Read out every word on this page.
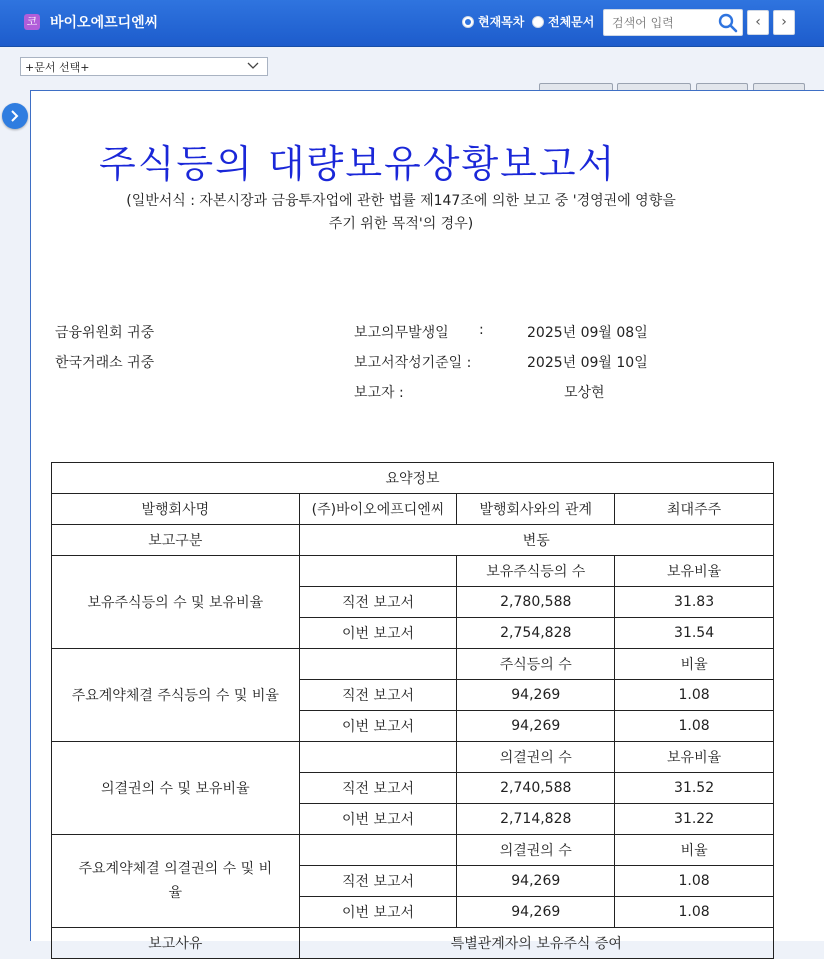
코 바이오에프디엔씨	현재목차 전체문서
검색어 입력	‹	›
+문서 선택+
주식등의 대량보유상황보고서
(일반서식 : 자본시장과 금융투자업에 관한 법률 제147조에 의한 보고 중 '경영권에 영향을
주기 위한 목적'의 경우)
금융위원회 귀중
한국거래소 귀중
보고의무발생일 :	2025년 09월 08일
보고서작성기준일 :	2025년 09월 10일
보고자 :	모상현
요약정보			
발행회사명	(주)바이오에프디엔씨	발행회사와의 관계	최대주주
보고구분	변동		
보유주식등의 수 및 보유비율		보유주식등의 수	보유비율
	직전 보고서	2,780,588	31.83
	이번 보고서	2,754,828	31.54
주요계약체결 주식등의 수 및 비율		주식등의 수	비율
	직전 보고서	94,269	1.08
	이번 보고서	94,269	1.08
의결권의 수 및 보유비율		의결권의 수	보유비율
	직전 보고서	2,740,588	31.52
	이번 보고서	2,714,828	31.22
주요계약체결 의결권의 수 및 비율		의결권의 수	비율
	직전 보고서	94,269	1.08
	이번 보고서	94,269	1.08
보고사유	특별관계자의 보유주식 증여		
